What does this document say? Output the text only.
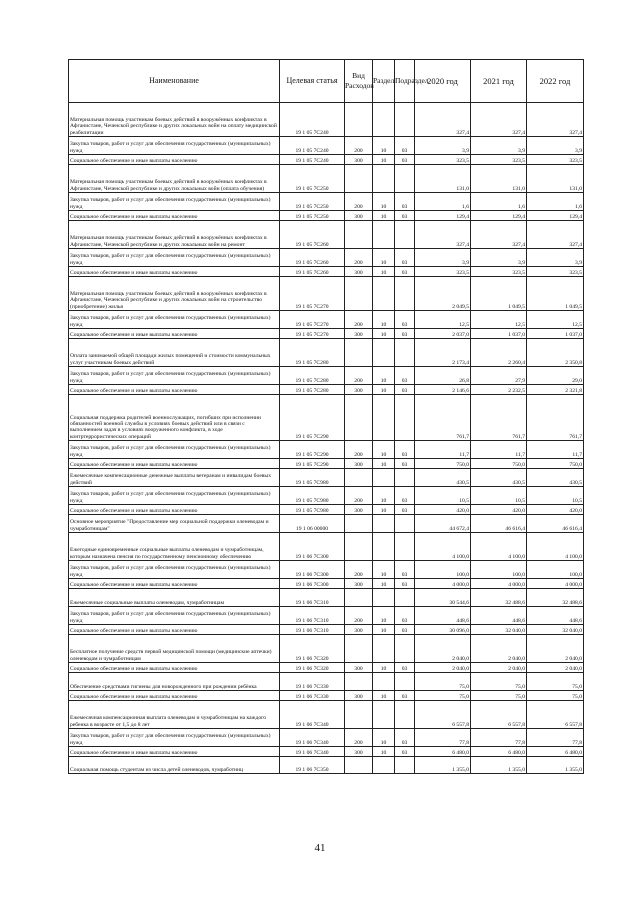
Наименование	Целевая статья	Вид Расходов	Раздел	Подраздел	2020 год	2021 год	2022 год
Материальная помощь участникам боевых действий в вооружённых конфликтах в Афганистане, Чеченской республике и других локальных войн на оплату медицинской реабилитации	19 1 05 7С240				327,4	327,4	327,4
Закупка товаров, работ и услуг для обеспечения государственных (муниципальных) нужд	19 1 05 7С240	200	10	03	3,9	3,9	3,9
Социальное обеспечение и иные выплаты населению	19 1 05 7С240	300	10	03	323,5	323,5	323,5
Материальная помощь участникам боевых действий в вооружённых конфликтах в Афганистане, Чеченской республике и других локальных войн (оплата обучения)	19 1 05 7С250				131,0	131,0	131,0
Закупка товаров, работ и услуг для обеспечения государственных (муниципальных) нужд	19 1 05 7С250	200	10	03	1,6	1,6	1,6
Социальное обеспечение и иные выплаты населению	19 1 05 7С250	300	10	03	129,4	129,4	129,4
Материальная помощь участникам боевых действий в вооружённых конфликтах в Афганистане, Чеченской республике и других локальных войн на ремонт	19 1 05 7С260				327,4	327,4	327,4
Закупка товаров, работ и услуг для обеспечения государственных (муниципальных) нужд	19 1 05 7С260	200	10	03	3,9	3,9	3,9
Социальное обеспечение и иные выплаты населению	19 1 05 7С260	300	10	03	323,5	323,5	323,5
Материальная помощь участникам боевых действий в вооружённых конфликтах в Афганистане, Чеченской республике и других локальных войн на строительство (приобретение) жилья	19 1 05 7С270				2 049,5	1 049,5	1 049,5
Закупка товаров, работ и услуг для обеспечения государственных (муниципальных) нужд	19 1 05 7С270	200	10	03	12,5	12,5	12,5
Социальное обеспечение и иные выплаты населению	19 1 05 7С270	300	10	03	2 037,0	1 037,0	1 037,0
Оплата занимаемой общей площади жилых помещений и стоимости коммунальных услуг участникам боевых действий	19 1 05 7С280				2 173,4	2 260,4	2 350,8
Закупка товаров, работ и услуг для обеспечения государственных (муниципальных) нужд	19 1 05 7С280	200	10	03	26,8	27,9	29,0
Социальное обеспечение и иные выплаты населению	19 1 05 7С280	300	10	03	2 146,6	2 232,5	2 321,8
Социальная поддержка родителей военнослужащих, погибших при исполнении обязанностей военной службы в условиях боевых действий или в связи с выполнением задач в условиях вооруженного конфликта, в ходе контртеррористических операций	19 1 05 7С290				761,7	761,7	761,7
Закупка товаров, работ и услуг для обеспечения государственных (муниципальных) нужд	19 1 05 7С290	200	10	03	11,7	11,7	11,7
Социальное обеспечение и иные выплаты населению	19 1 05 7С290	300	10	03	750,0	750,0	750,0
Ежемесячные компенсационные денежные выплаты ветеранам и инвалидам боевых действий	19 1 05 7С980				430,5	430,5	430,5
Закупка товаров, работ и услуг для обеспечения государственных (муниципальных) нужд	19 1 05 7С980	200	10	03	10,5	10,5	10,5
Социальное обеспечение и иные выплаты населению	19 1 05 7С980	300	10	03	420,0	420,0	420,0
Основное мероприятие "Предоставление мер социальной поддержки оленеводам и чумработницам"	19 1 06 00000				44 672,4	46 616,4	46 616,4
Ежегодные единовременные социальные выплаты оленеводам и чумработницам, которым назначена пенсия по государственному пенсионному обеспечению	19 1 06 7С300				4 100,0	4 100,0	4 100,0
Закупка товаров, работ и услуг для обеспечения государственных (муниципальных) нужд	19 1 06 7С300	200	10	03	100,0	100,0	100,0
Социальное обеспечение и иные выплаты населению	19 1 06 7С300	300	10	03	4 000,0	4 000,0	4 000,0
Ежемесячные социальные выплаты оленеводам, чумработницам	19 1 06 7С310				30 544,6	32 488,6	32 488,6
Закупка товаров, работ и услуг для обеспечения государственных (муниципальных) нужд	19 1 06 7С310	200	10	03	448,6	448,6	448,6
Социальное обеспечение и иные выплаты населению	19 1 06 7С310	300	10	03	30 096,0	32 040,0	32 040,0
Бесплатное получение средств первой медицинской помощи (медицинские аптечки) оленеводам и чумработницам	19 1 06 7С320				2 040,0	2 040,0	2 040,0
Социальное обеспечение и иные выплаты населению	19 1 06 7С320	300	10	03	2 040,0	2 040,0	2 040,0
Обеспечение средствами гигиены для новорожденного при рождении ребёнка	19 1 06 7С330				75,0	75,0	75,0
Социальное обеспечение и иные выплаты населению	19 1 06 7С330	300	10	03	75,0	75,0	75,0
Ежемесячная компенсационная выплата оленеводам и чумработницам на каждого ребенка в возрасте от 1,5 до 8 лет	19 1 06 7С340				6 557,8	6 557,8	6 557,8
Закупка товаров, работ и услуг для обеспечения государственных (муниципальных) нужд	19 1 06 7С340	200	10	03	77,8	77,8	77,8
Социальное обеспечение и иные выплаты населению	19 1 06 7С340	300	10	03	6 480,0	6 480,0	6 480,0
Социальная помощь студентам из числа детей оленеводов, чумработниц	19 1 06 7С350				1 355,0	1 355,0	1 355,0
41
